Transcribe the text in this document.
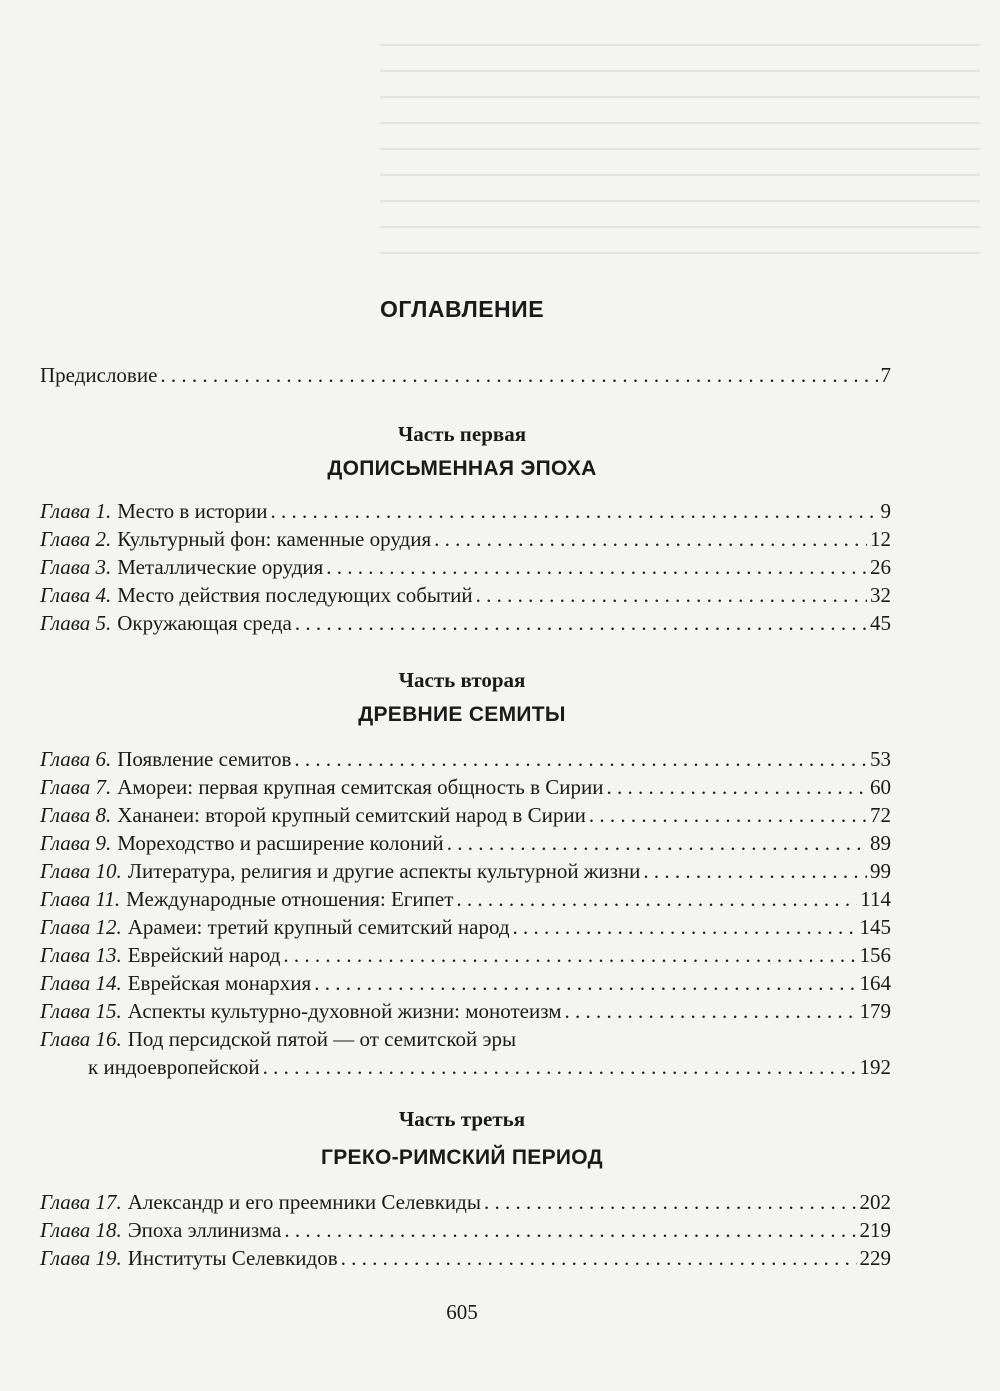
ОГЛАВЛЕНИЕ
Предисловие . . .	7
Часть первая
ДОПИСЬМЕННАЯ ЭПОХА
Глава 1. Место в истории . . .	9
Глава 2. Культурный фон: каменные орудия . . .	12
Глава 3. Металлические орудия . . .	26
Глава 4. Место действия последующих событий . . .	32
Глава 5. Окружающая среда . . .	45
Часть вторая
ДРЕВНИЕ СЕМИТЫ
Глава 6. Появление семитов . . .	53
Глава 7. Амореи: первая крупная семитская общность в Сирии . . .	60
Глава 8. Хананеи: второй крупный семитский народ в Сирии . . .	72
Глава 9. Мореходство и расширение колоний . . .	89
Глава 10. Литература, религия и другие аспекты культурной жизни . . .	99
Глава 11. Международные отношения: Египет . . .	114
Глава 12. Арамеи: третий крупный семитский народ . . .	145
Глава 13. Еврейский народ . . .	156
Глава 14. Еврейская монархия . . .	164
Глава 15. Аспекты культурно-духовной жизни: монотеизм . . .	179
Глава 16. Под персидской пятой — от семитской эры
к индоевропейской . . .	192
Часть третья
ГРЕКО-РИМСКИЙ ПЕРИОД
Глава 17. Александр и его преемники Селевкиды . . .	202
Глава 18. Эпоха эллинизма . . .	219
Глава 19. Институты Селевкидов . . .	229
605
